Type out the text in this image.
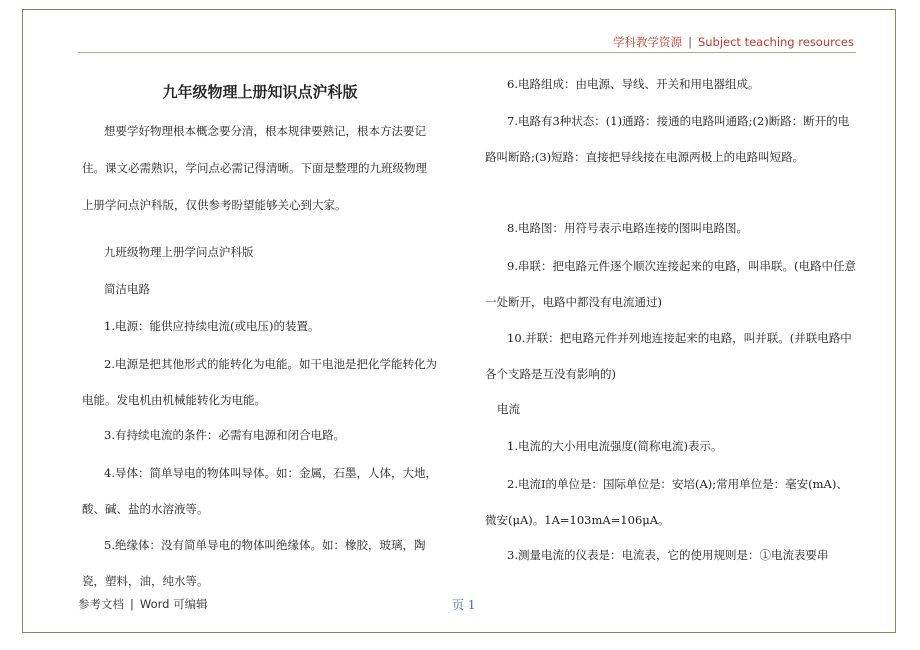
学科教学资源 | Subject teaching resources
九年级物理上册知识点沪科版

想要学好物理根本概念要分清，根本规律要熟记，根本方法要记住。课文必需熟识，学问点必需记得清晰。下面是整理的九班级物理上册学问点沪科版，仅供参考盼望能够关心到大家。

九班级物理上册学问点沪科版

简洁电路

1.电源：能供应持续电流(或电压)的装置。

2.电源是把其他形式的能转化为电能。如干电池是把化学能转化为电能。发电机由机械能转化为电能。

3.有持续电流的条件：必需有电源和闭合电路。

4.导体：简单导电的物体叫导体。如：金属，石墨，人体，大地，酸、碱、盐的水溶液等。

5.绝缘体：没有简单导电的物体叫绝缘体。如：橡胶，玻璃，陶瓷，塑料，油，纯水等。

6.电路组成：由电源、导线、开关和用电器组成。

7.电路有3种状态：(1)通路：接通的电路叫通路;(2)断路：断开的电路叫断路;(3)短路：直接把导线接在电源两极上的电路叫短路。

8.电路图：用符号表示电路连接的图叫电路图。

9.串联：把电路元件逐个顺次连接起来的电路，叫串联。(电路中任意一处断开，电路中都没有电流通过)

10.并联：把电路元件并列地连接起来的电路，叫并联。(并联电路中各个支路是互没有影响的)

电流

1.电流的大小用电流强度(简称电流)表示。

2.电流I的单位是：国际单位是：安培(A);常用单位是：毫安(mA)、微安(μA)。1A=103mA=106μA。

3.测量电流的仪表是：电流表，它的使用规则是：①电流表要串

参考文档 | Word 可编辑	页 1
